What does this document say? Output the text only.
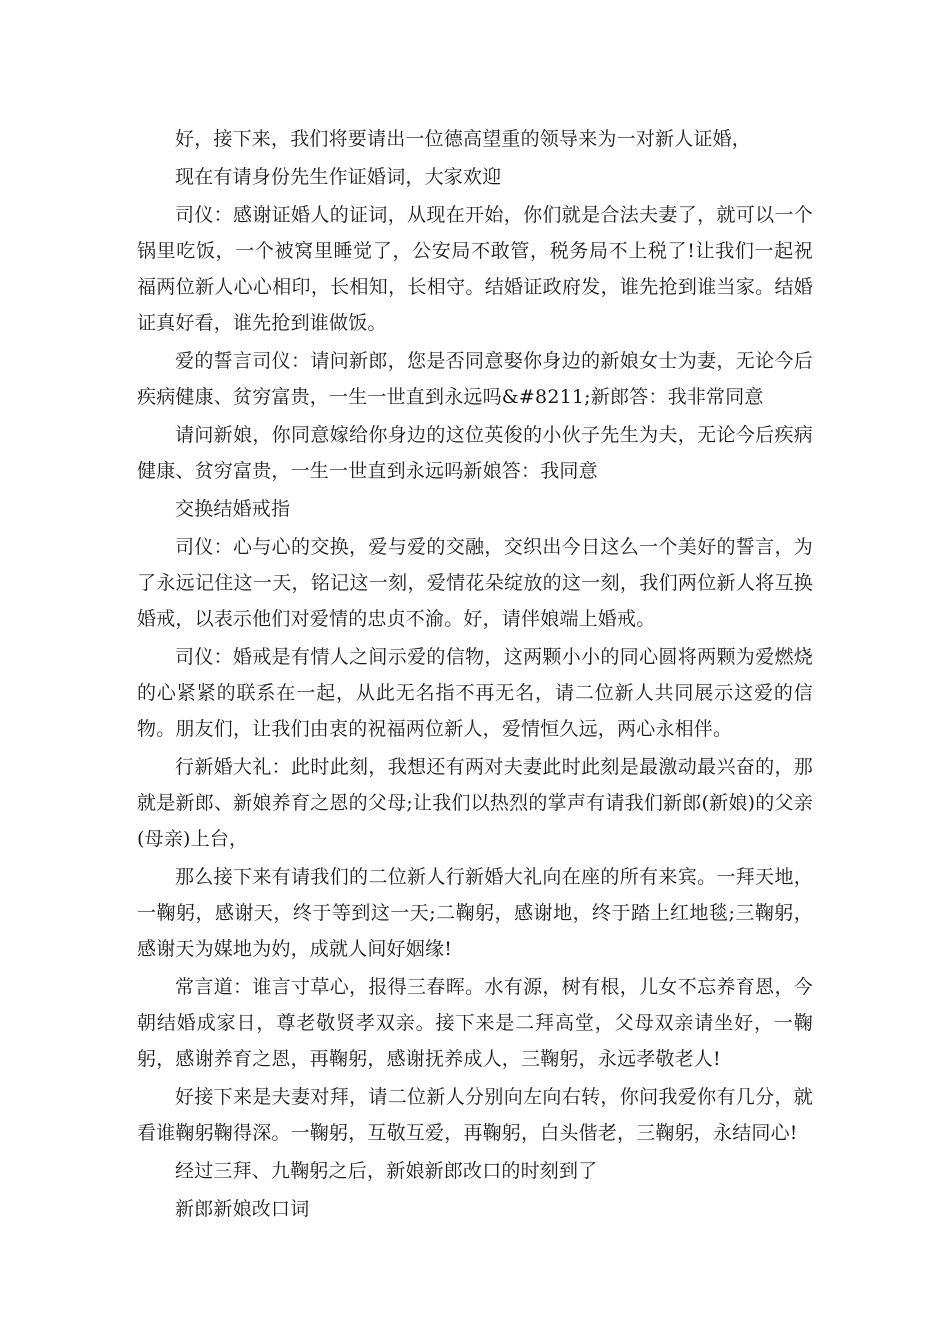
好，接下来，我们将要请出一位德高望重的领导来为一对新人证婚，

现在有请身份先生作证婚词，大家欢迎

司仪：感谢证婚人的证词，从现在开始，你们就是合法夫妻了，就可以一个锅里吃饭，一个被窝里睡觉了，公安局不敢管，税务局不上税了!让我们一起祝福两位新人心心相印，长相知，长相守。结婚证政府发，谁先抢到谁当家。结婚证真好看，谁先抢到谁做饭。

爱的誓言司仪：请问新郎，您是否同意娶你身边的新娘女士为妻，无论今后疾病健康、贫穷富贵，一生一世直到永远吗&#8211;新郎答：我非常同意

请问新娘，你同意嫁给你身边的这位英俊的小伙子先生为夫，无论今后疾病健康、贫穷富贵，一生一世直到永远吗新娘答：我同意

交换结婚戒指

司仪：心与心的交换，爱与爱的交融，交织出今日这么一个美好的誓言，为了永远记住这一天，铭记这一刻，爱情花朵绽放的这一刻，我们两位新人将互换婚戒，以表示他们对爱情的忠贞不渝。好，请伴娘端上婚戒。

司仪：婚戒是有情人之间示爱的信物，这两颗小小的同心圆将两颗为爱燃烧的心紧紧的联系在一起，从此无名指不再无名，请二位新人共同展示这爱的信物。朋友们，让我们由衷的祝福两位新人，爱情恒久远，两心永相伴。

行新婚大礼：此时此刻，我想还有两对夫妻此时此刻是最激动最兴奋的，那就是新郎、新娘养育之恩的父母;让我们以热烈的掌声有请我们新郎(新娘)的父亲(母亲)上台，

那么接下来有请我们的二位新人行新婚大礼向在座的所有来宾。一拜天地，一鞠躬，感谢天，终于等到这一天;二鞠躬，感谢地，终于踏上红地毯;三鞠躬，感谢天为媒地为妁，成就人间好姻缘!

常言道：谁言寸草心，报得三春晖。水有源，树有根，儿女不忘养育恩，今朝结婚成家日，尊老敬贤孝双亲。接下来是二拜高堂，父母双亲请坐好，一鞠躬，感谢养育之恩，再鞠躬，感谢抚养成人，三鞠躬，永远孝敬老人!

好接下来是夫妻对拜，请二位新人分别向左向右转，你问我爱你有几分，就看谁鞠躬鞠得深。一鞠躬，互敬互爱，再鞠躬，白头偕老，三鞠躬，永结同心!

经过三拜、九鞠躬之后，新娘新郎改口的时刻到了

新郎新娘改口词
